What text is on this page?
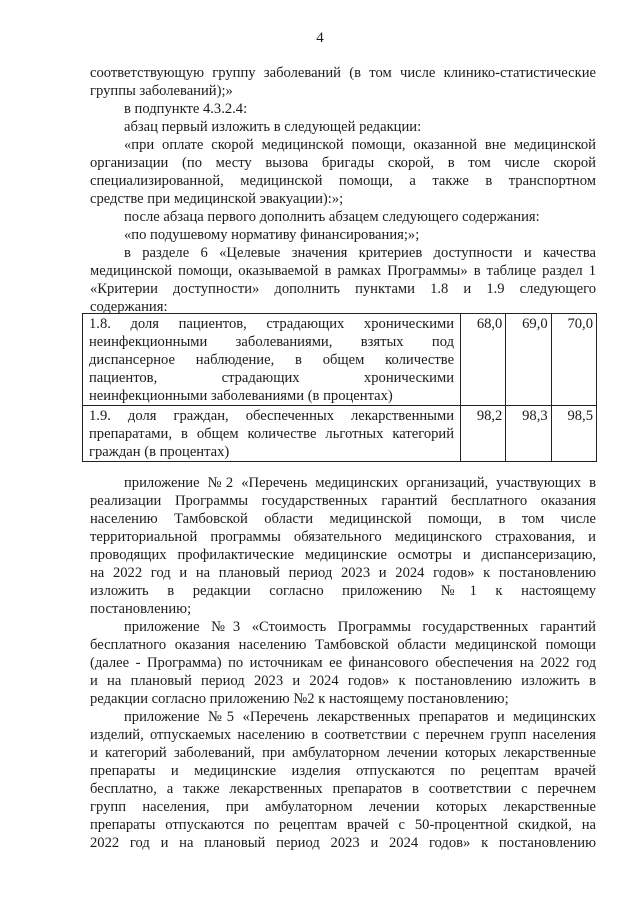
4

соответствующую группу заболеваний (в том числе клинико-статистические

группы заболеваний);»

в подпункте 4.3.2.4:

абзац первый изложить в следующей редакции:

«при оплате скорой медицинской помощи, оказанной вне медицинской

организации (по месту вызова бригады скорой, в том числе скорой

специализированной, медицинской помощи, а также в транспортном

средстве при медицинской эвакуации):»;

после абзаца первого дополнить абзацем следующего содержания:

«по подушевому нормативу финансирования;»;

в разделе 6 «Целевые значения критериев доступности и качества

медицинской помощи, оказываемой в рамках Программы» в таблице раздел 1

«Критерии доступности» дополнить пунктами 1.8 и 1.9 следующего

содержания:

1.8. доля пациентов, страдающих хроническими
неинфекционными заболеваниями, взятых под
диспансерное наблюдение, в общем количестве
пациентов, страдающих хроническими
неинфекционными заболеваниями (в процентах)	68,0	69,0	70,0

1.9. доля граждан, обеспеченных лекарственными
препаратами, в общем количестве льготных категорий
граждан (в процентах)	98,2	98,3	98,5

приложение №2 «Перечень медицинских организаций, участвующих в

реализации Программы государственных гарантий бесплатного оказания

населению Тамбовской области медицинской помощи, в том числе

территориальной программы обязательного медицинского страхования, и

проводящих профилактические медицинские осмотры и диспансеризацию,

на 2022 год и на плановый период 2023 и 2024 годов» к постановлению

изложить в редакции согласно приложению №1 к настоящему

постановлению;

приложение №3 «Стоимость Программы государственных гарантий

бесплатного оказания населению Тамбовской области медицинской помощи

(далее - Программа) по источникам ее финансового обеспечения на 2022 год

и на плановый период 2023 и 2024 годов» к постановлению изложить в

редакции согласно приложению №2 к настоящему постановлению;

приложение №5 «Перечень лекарственных препаратов и медицинских

изделий, отпускаемых населению в соответствии с перечнем групп населения

и категорий заболеваний, при амбулаторном лечении которых лекарственные

препараты и медицинские изделия отпускаются по рецептам врачей

бесплатно, а также лекарственных препаратов в соответствии с перечнем

групп населения, при амбулаторном лечении которых лекарственные

препараты отпускаются по рецептам врачей с 50-процентной скидкой, на

2022 год и на плановый период 2023 и 2024 годов» к постановлению
